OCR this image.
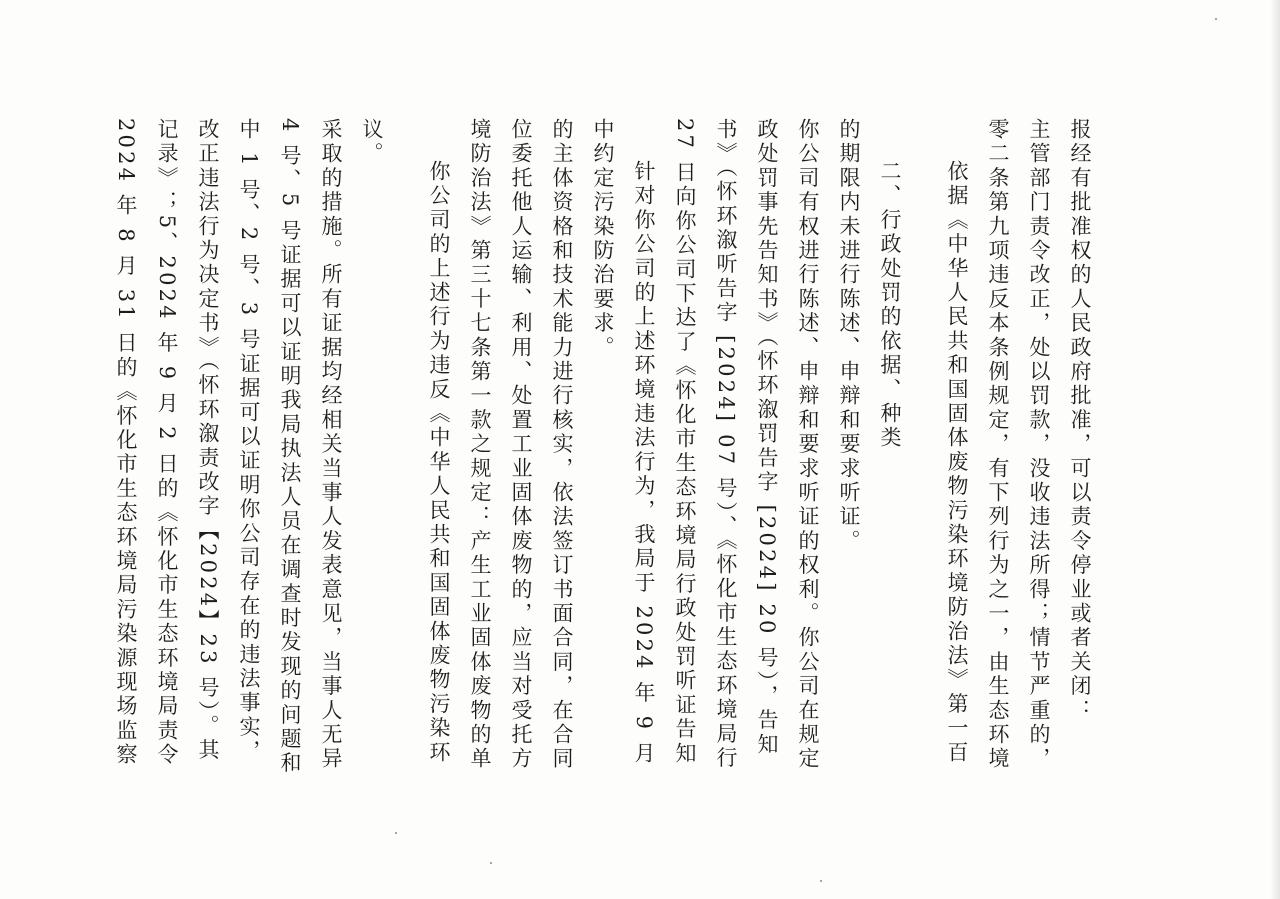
2024 年 8 月 31 日的《怀化市生态环境局污染源现场监察记录》；5、2024 年 9 月 2 日的《怀化市生态环境局责令改正违法行为决定书》（怀环溆责改字【2024】23 号）。其中 1 号、2 号、3 号证据可以证明你公司存在的违法事实，4 号、5 号证据可以证明我局执法人员在调查时发现的问题和采取的措施。所有证据均经相关当事人发表意见，当事人无异议。

你公司的上述行为违反《中华人民共和国固体废物污染环境防治法》第三十七条第一款之规定：产生工业固体废物的单位委托他人运输、利用、处置工业固体废物的，应当对受托方的主体资格和技术能力进行核实，依法签订书面合同，在合同中约定污染防治要求。 针对你公司的上述环境违法行为，我局于 2024 年 9 月 27 日向你公司下达了《怀化市生态环境局行政处罚听证告知书》（怀环溆听告字 [2024] 07 号）、《怀化市生态环境局行政处罚事先告知书》（怀环溆罚告字 [2024] 20 号），告知你公司有权进行陈述、申辩和要求听证的权利。你公司在规定的期限内未进行陈述、申辩和要求听证。 二、行政处罚的依据、种类	依据《中华人民共和国固体废物污染环境防治法》第一百零二条第九项违反本条例规定，有下列行为之一，由生态环境主管部门责令改正，处以罚款，没收违法所得；情节严重的，报经有批准权的人民政府批准，可以责令停业或者关闭：
